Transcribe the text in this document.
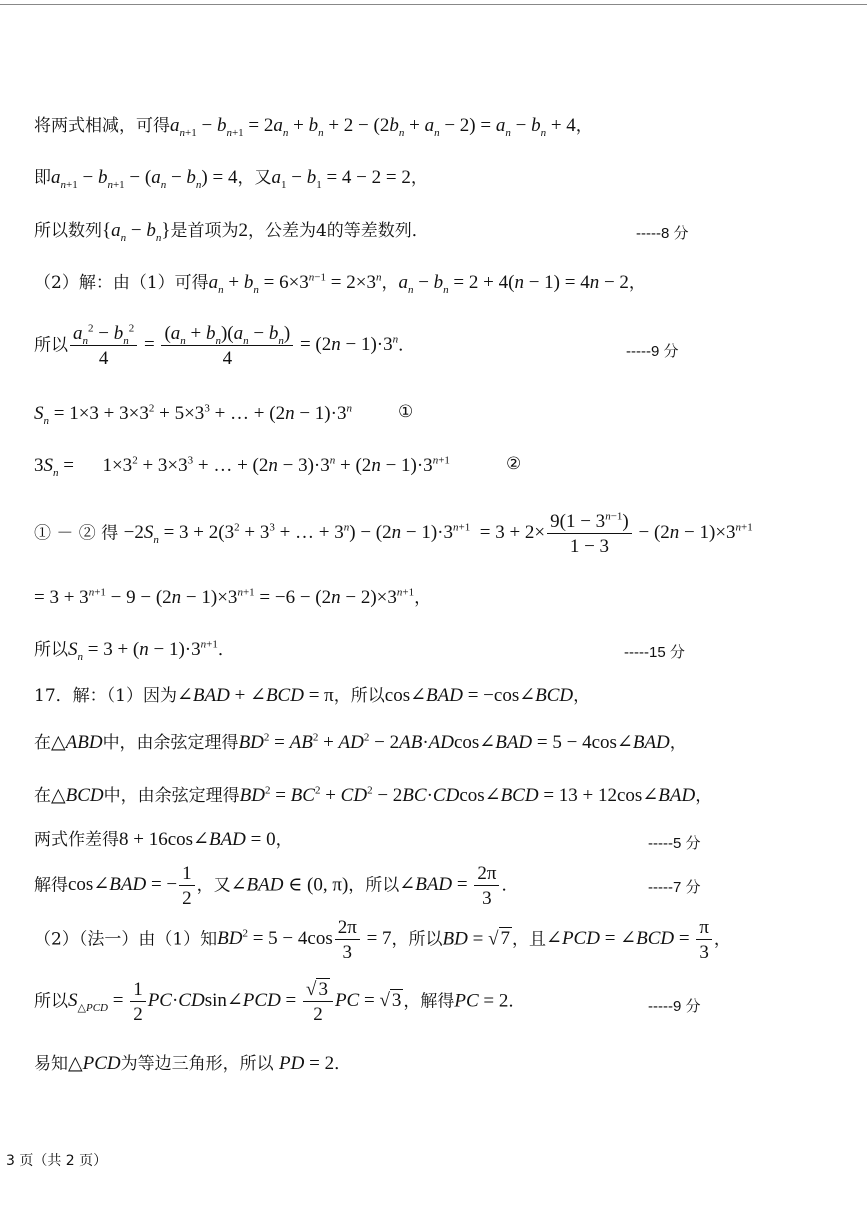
将两式相减，可得$a_{n+1} - b_{n+1} = 2a_n + b_n + 2 - (2b_n + a_n - 2) = a_n - b_n + 4$，
即$a_{n+1} - b_{n+1} - (a_n - b_n) = 4$，又$a_1 - b_1 = 4 - 2 = 2$，
所以数列$\{a_n - b_n\}$是首项为2，公差为4的等差数列．	-----8 分
（2）解：由（1）可得$a_n + b_n = 6\times 3^{n-1} = 2\times 3^n$，$a_n - b_n = 2 + 4(n - 1) = 4n - 2$，
所以 $\frac{a_n^2 - b_n^2}{4} = \frac{(a_n + b_n)(a_n - b_n)}{4} = (2n - 1)\cdot 3^n$．	-----9 分
$S_n = 1\times 3 + 3\times 3^2 + 5\times 3^3$ + … + $(2n - 1)\cdot 3^n$	①
$3S_n$ =      $1\times 3^2 + 3\times 3^3$ + … + $(2n - 3)\cdot 3^n + (2n - 1)\cdot 3^{n+1}$	②
① － ② 得 $-2S_n = 3 + 2(3^2 + 3^3$ + … + $3^n) - (2n - 1)\cdot 3^{n+1} = 3 + 2\times \frac{9(1 - 3^{n-1})}{1 - 3} - (2n - 1)\times 3^{n+1}$
= $3 + 3^{n+1} - 9 - (2n - 1)\times 3^{n+1} = -6 - (2n - 2)\times 3^{n+1}$，
所以$S_n = 3 + (n - 1)\cdot 3^{n+1}$．	-----15 分
17．解：（1）因为∠BAD + ∠BCD = π，所以cos∠BAD = −cos∠BCD，
在△ABD中，由余弦定理得$BD^2 = AB^2 + AD^2$ − 2AB·ADcos∠BAD = 5 − 4cos∠BAD，
在△BCD中，由余弦定理得$BD^2 = BC^2 + CD^2$ − 2BC·CDcos∠BCD = 13 + 12cos∠BAD，
两式作差得8 + 16cos∠BAD = 0，	-----5 分
解得cos∠BAD = − $\frac{1}{2}$ ，又∠BAD ∈ (0, π)，所以∠BAD = $\frac{2\pi}{3}$ ．	-----7 分
（2）（法一）由（1）知$BD^2 = 5 - 4\cos \frac{2\pi}{3} = 7$，所以BD = √ 7 ，且∠PCD = ∠BCD = $\frac{\pi}{3}$ ，
所以$S_{\triangle PCD} = \frac{1}{2}$ PC·CDsin∠PCD = $\frac{√ 3}{2}$ PC = √ 3 ，解得PC = 2．	-----9 分
易知△PCD为等边三角形，所以 PD = 2．
3 页（共 2 页）
